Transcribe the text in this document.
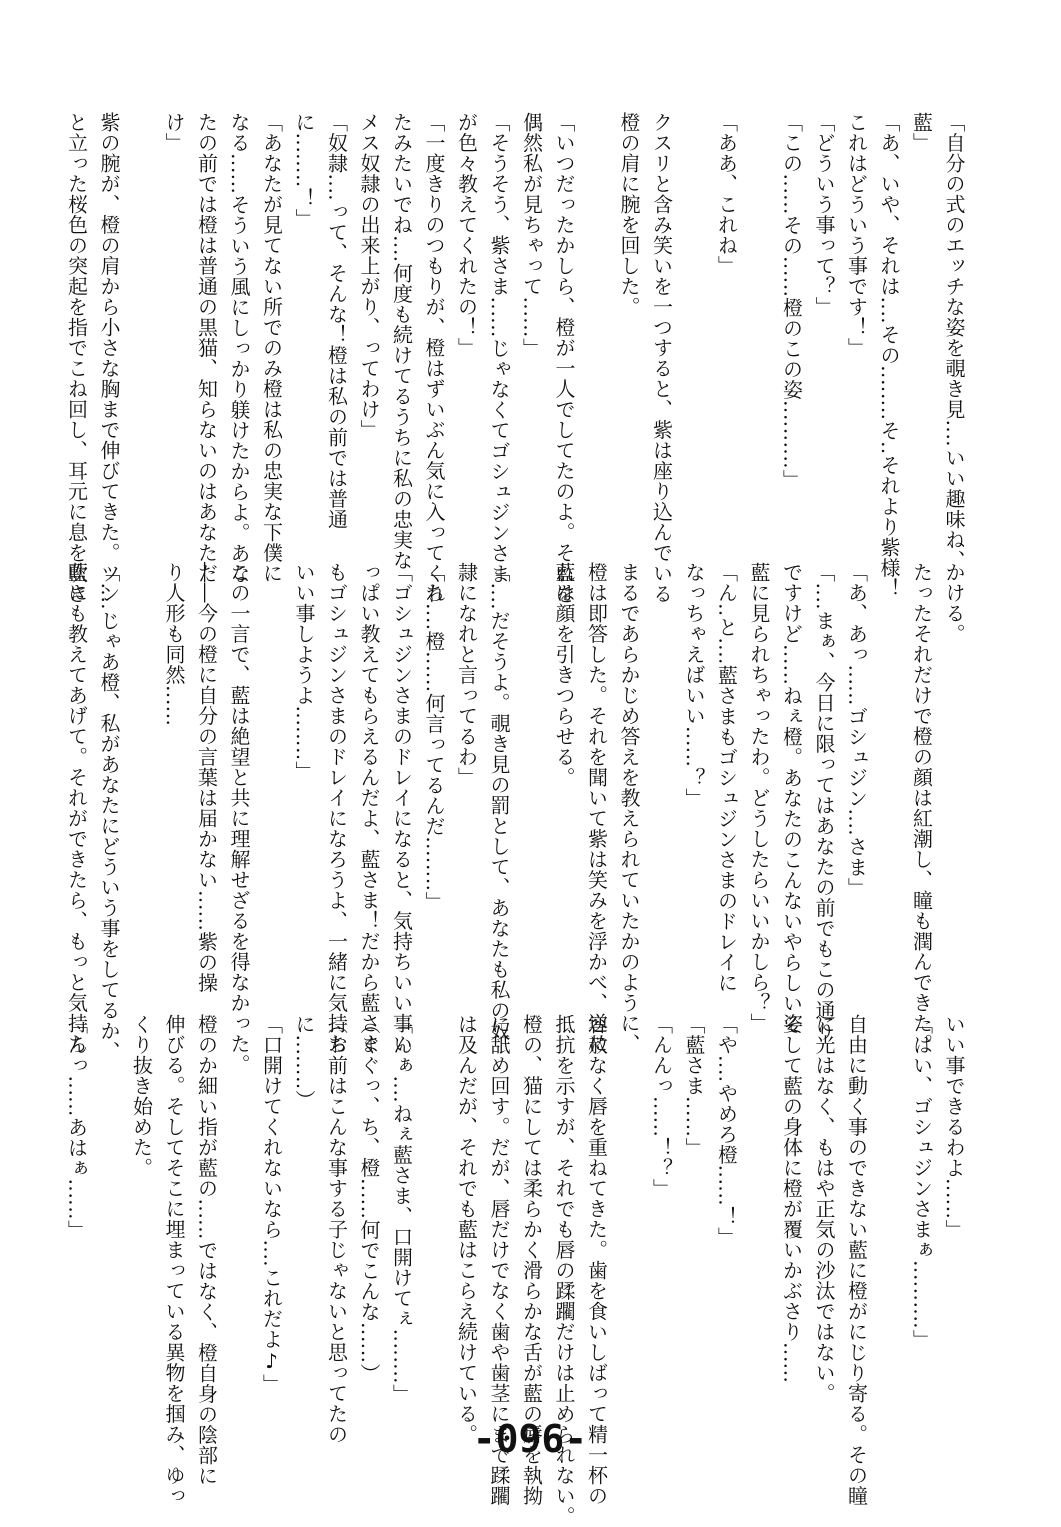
「自分の式のエッチな姿を覗き見‥‥いい趣味ね、
藍」
「あ、いや、それは‥‥その‥‥‥‥そ‥それより紫様！
これはどういう事です！」
「どういう事って？」
「この‥‥‥その‥‥‥橙のこの姿‥‥‥‥‥」

「ああ、これね」

クスリと含み笑いを一つすると、紫は座り込んでいる
橙の肩に腕を回した。

「いつだったかしら、橙が一人でしてたのよ。それを
偶然私が見ちゃって‥‥‥」
「そうそう、紫さま‥‥‥じゃなくてゴシュジンさま
が色々教えてくれたの！」
「一度きりのつもりが、橙はずいぶん気に入ってくれ
たみたいでね‥‥何度も続けてるうちに私の忠実な
メス奴隷の出来上がり、ってわけ」
「奴隷‥‥って、そんな！橙は私の前では普通
に‥‥‥‥！」
「あなたが見てない所でのみ橙は私の忠実な下僕に
なる‥‥‥そういう風にしっかり躾けたからよ。あな
たの前では橙は普通の黒猫、知らないのはあなただ
け」

紫の腕が、橙の肩から小さな胸まで伸びてきた。ツン
と立った桜色の突起を指でこね回し、耳元に息を吹き	かける。
たったそれだけで橙の顔は紅潮し、瞳も潤んできた。

「あ、あっ‥‥‥ゴシュジン‥‥さま」
「‥‥まぁ、今日に限ってはあなたの前でもこの通り
ですけど‥‥‥ねぇ橙。あなたのこんないやらしい姿
藍に見られちゃったわ。どうしたらいいかしら？」
「ん‥と‥‥藍さまもゴシュジンさまのドレイに
なっちゃえばいい‥‥‥？」

まるであらかじめ答えを教えられていたかのように、
橙は即答した。それを聞いて紫は笑みを浮かべ、逆に
藍は顔を引きつらせる。

「‥‥だそうよ。覗き見の罰として、あなたも私の奴
隷になれと言ってるわ」
「ち‥‥橙‥‥‥何言ってるんだ‥‥‥‥」
「ゴシュジンさまのドレイになると、気持ちいい事い
っぱい教えてもらえるんだよ、藍さま！だから藍さま
もゴシュジンさまのドレイになろうよ、一緒に気持ち
いい事しようよ‥‥‥‥」

この一言で、藍は絶望と共に理解せざるを得なかった。
――今の橙に自分の言葉は届かない‥‥‥紫の操
り人形も同然‥‥‥

「‥‥じゃあ橙、私があなたにどういう事をしてるか、
藍にも教えてあげて。それができたら、もっと気持ち
いい事できるわよ‥‥‥」
「はい、ゴシュジンさまぁ‥‥‥‥‥」

自由に動く事のできない藍に橙がにじり寄る。その瞳
に光はなく、もはや正気の沙汰ではない。
そして藍の身体に橙が覆いかぶさり‥‥‥

「や‥‥やめろ橙‥‥‥！」
「藍さま‥‥‥」
「んんっ‥‥‥！？」

容赦なく唇を重ねてきた。歯を食いしばって精一杯の
抵抗を示すが、それでも唇の蹂躙だけは止められない。
橙の、猫にしては柔らかく滑らかな舌が藍の唇を執拗
に舐め回す。だが、唇だけでなく歯や歯茎にまで蹂躙
は及んだが、それでも藍はこらえ続けている。

「んぁ‥‥ねぇ藍さま、口開けてぇ‥‥‥‥」
（ぐぐっ、ち、橙‥‥‥何でこんな‥‥‥）
（お前はこんな事する子じゃないと思ってたの
に‥‥‥‥）
「口開けてくれないなら‥‥これだよ♪」

橙のか細い指が藍の‥‥‥ではなく、橙自身の陰部に
伸びる。そしてそこに埋まっている異物を掴み、ゆっ
くり抜き始めた。

「んっ‥‥‥あはぁ‥‥‥」
-096-
